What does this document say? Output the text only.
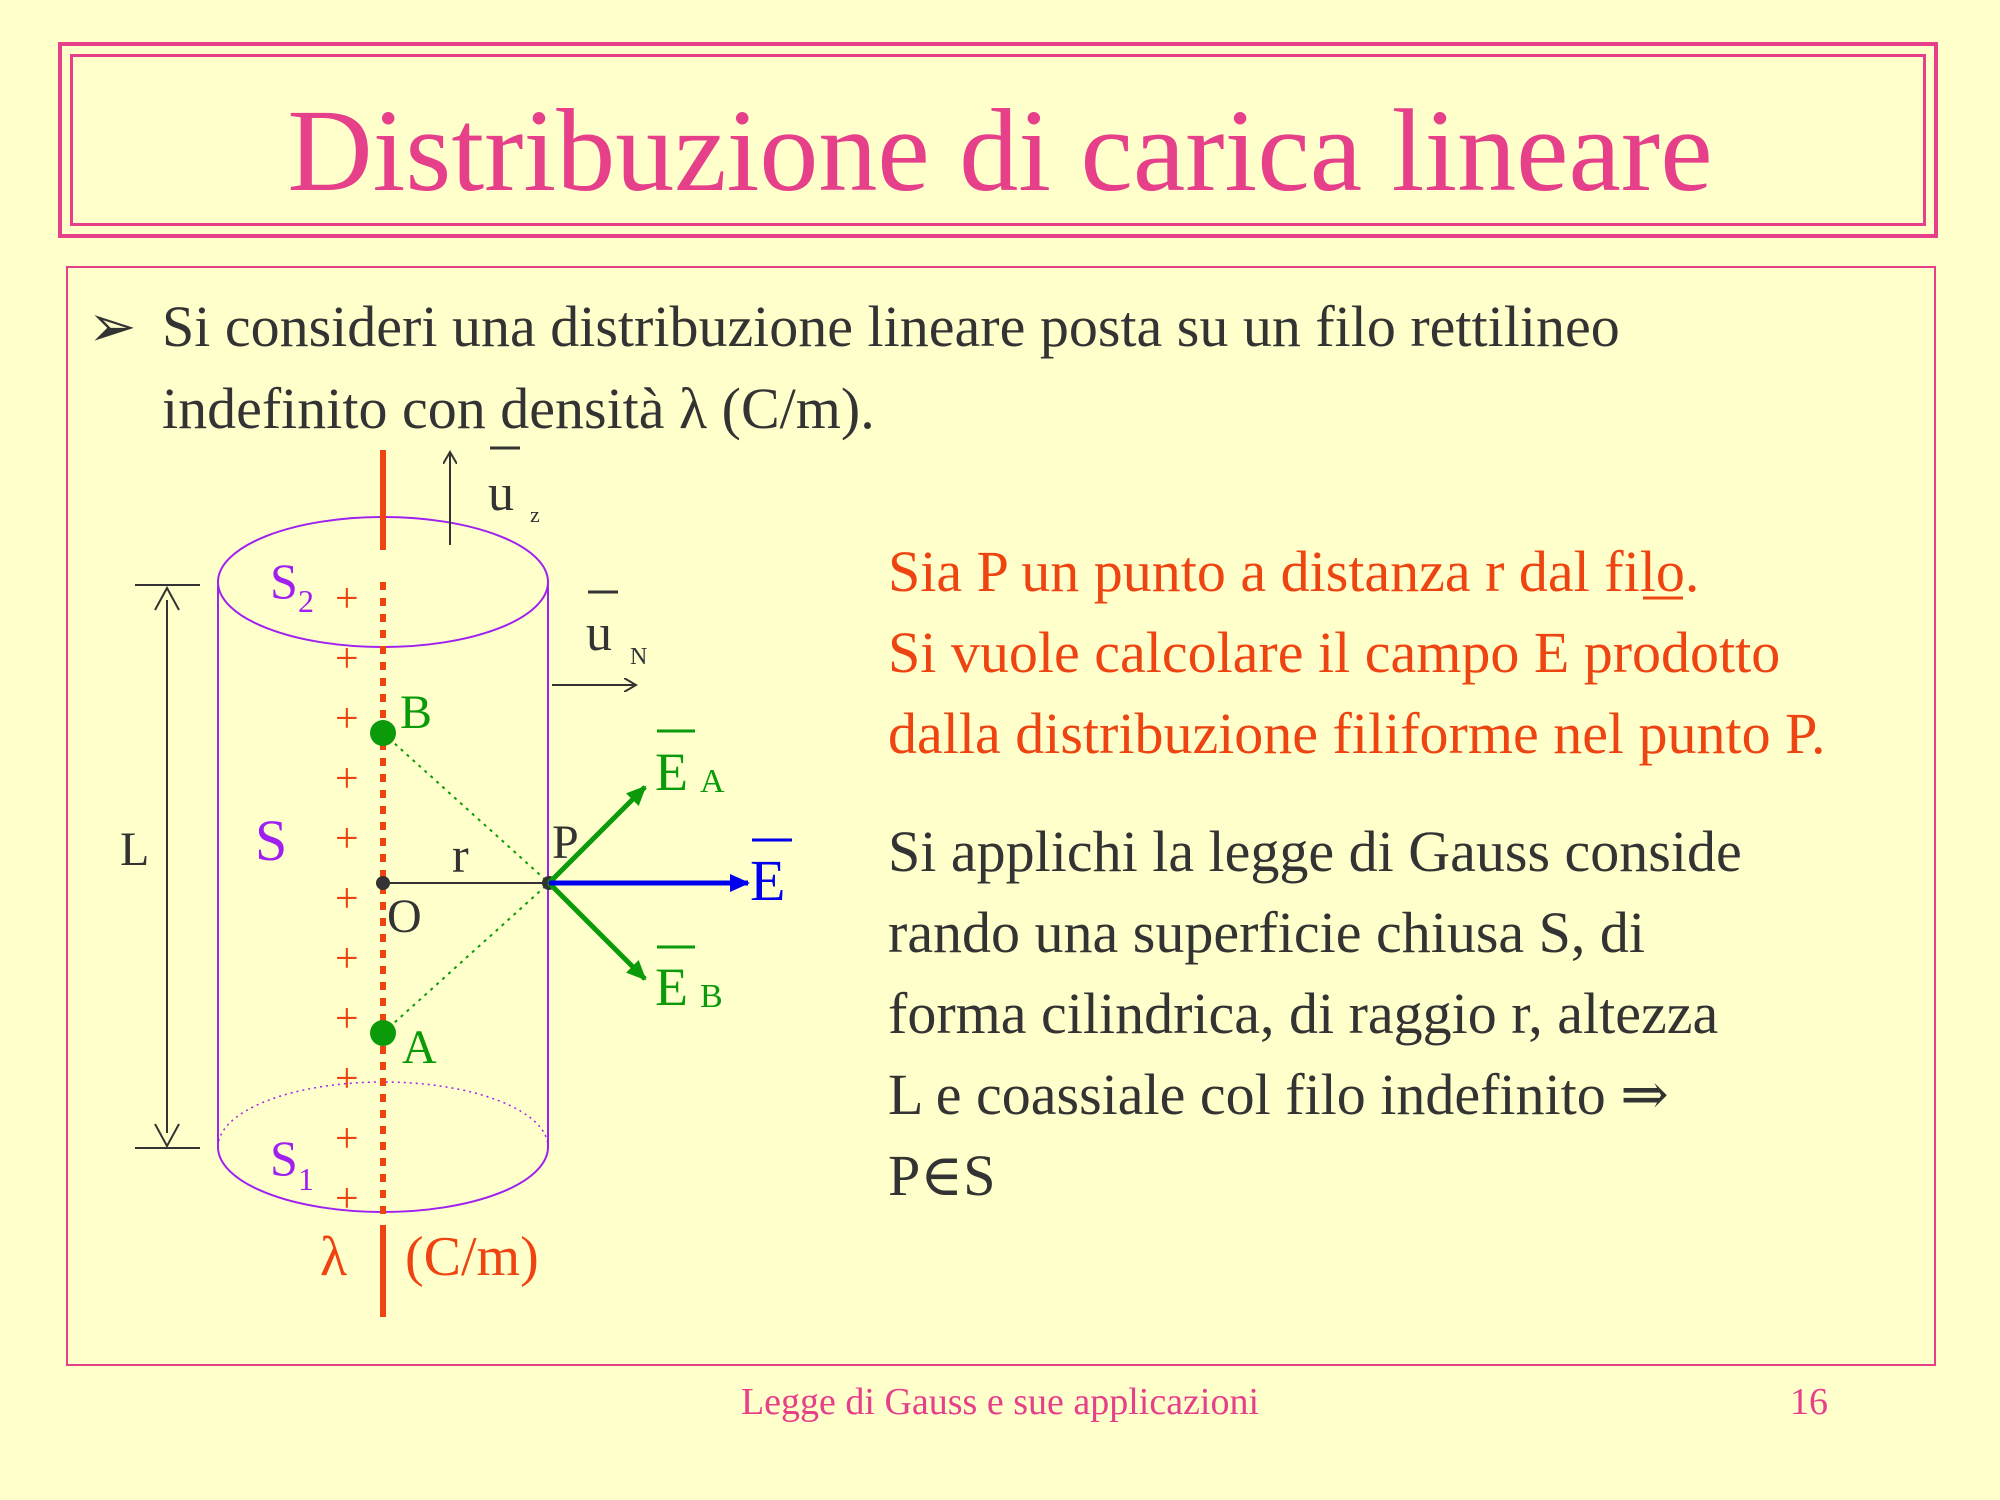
Distribuzione di carica lineare
➢ Si consideri una distribuzione lineare posta su un filo rettilineo
indefinito con densità λ (C/m).
Sia P un punto a distanza r dal filo.
Si vuole calcolare il campo E prodotto
dalla distribuzione filiforme nel punto P.
Si applichi la legge di Gauss conside
rando una superficie chiusa S, di
forma cilindrica, di raggio r, altezza
L e coassiale col filo indefinito ⇒
P∈S
+
+
+
+
+
+
+
+
+
+
+
u z
u N
S 2
S
S 1
L
B
A
O
r P
E A
E B
E
λ (C/m)
Legge di Gauss e sue applicazioni	16
